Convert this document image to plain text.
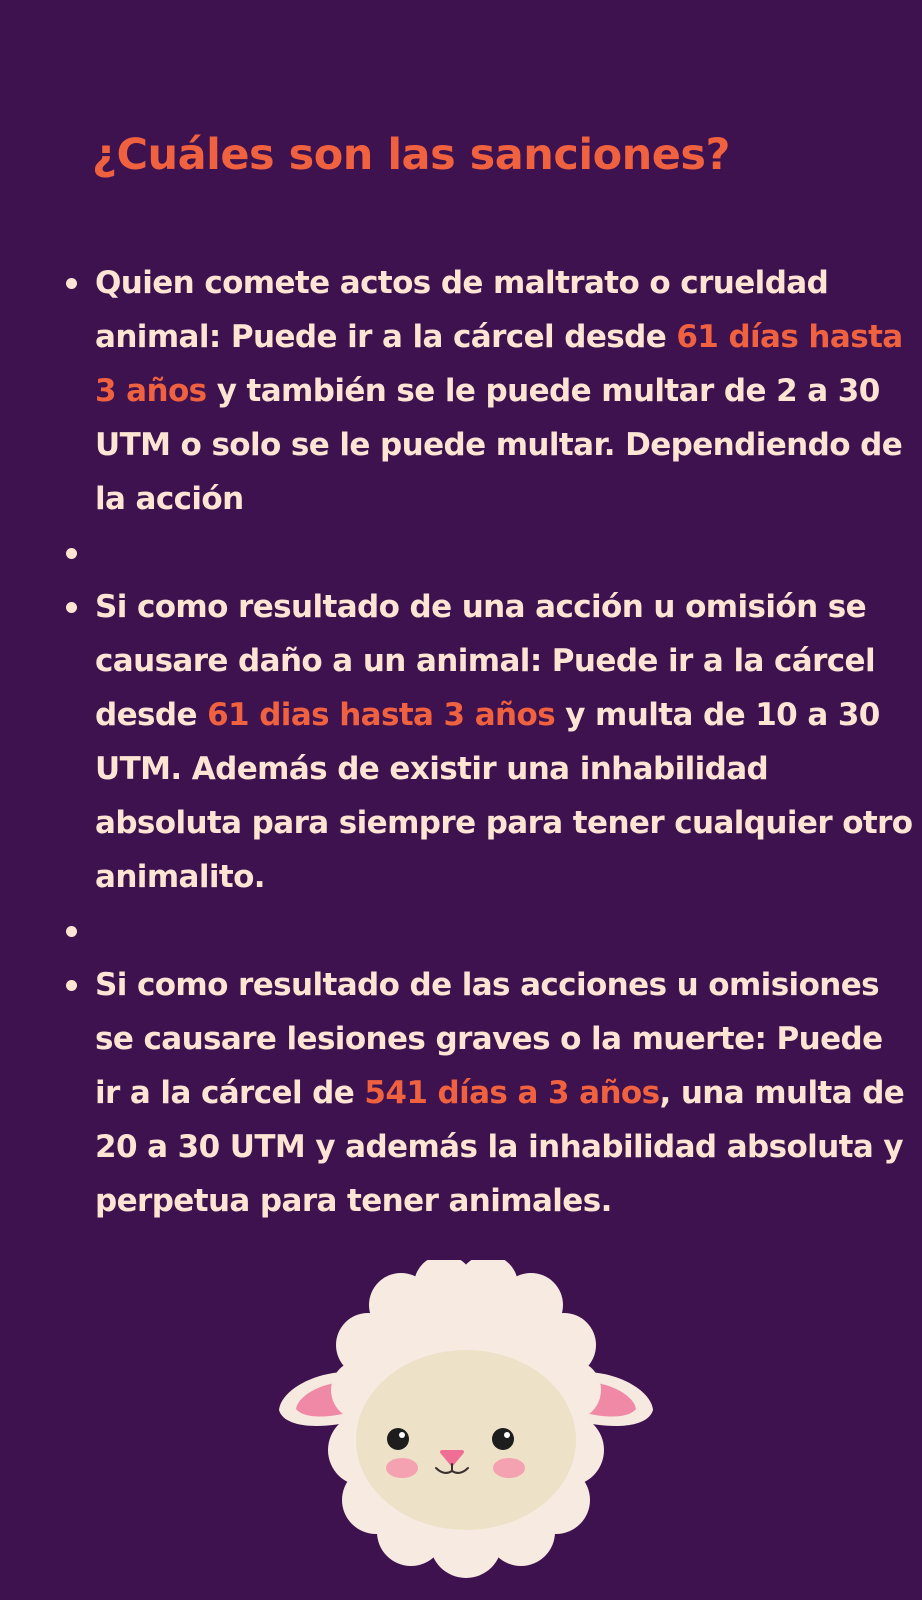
¿Cuáles son las sanciones?
Quien comete actos de maltrato o crueldad animal: Puede ir a la cárcel desde 61 días hasta 3 años y también se le puede multar de 2 a 30 UTM o solo se le puede multar. Dependiendo de la acción
Si como resultado de una acción u omisión se causare daño a un animal: Puede ir a la cárcel desde 61 dias hasta 3 años y multa de 10 a 30 UTM. Además de existir una inhabilidad absoluta para siempre para tener cualquier otro animalito.
Si como resultado de las acciones u omisiones se causare lesiones graves o la muerte: Puede ir a la cárcel de 541 días a 3 años, una multa de 20 a 30 UTM y además la inhabilidad absoluta y perpetua para tener animales.
